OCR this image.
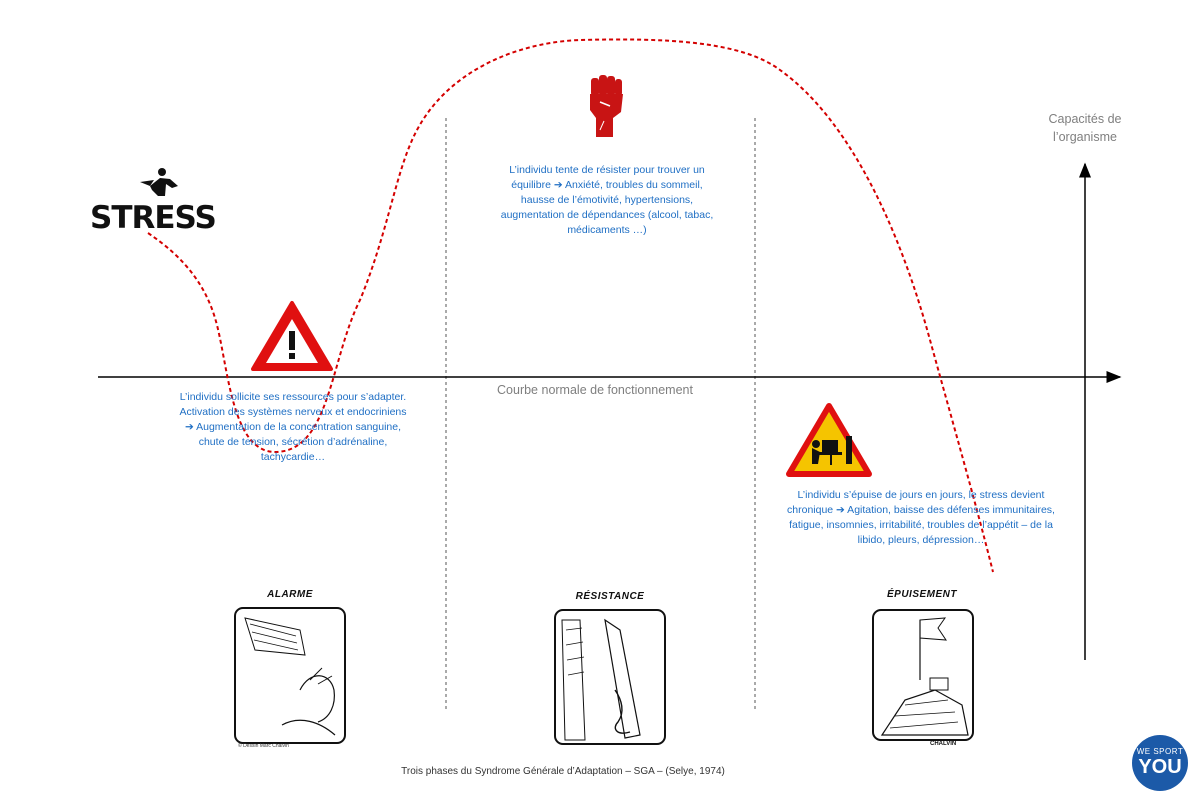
STRESS
Capacités de
l’organisme
Courbe normale de fonctionnement
L’individu sollicite ses ressources pour s’adapter.
Activation des systèmes nerveux et endocriniens
➔ Augmentation de la concentration sanguine,
chute de tension, sécrétion d’adrénaline,
tachycardie…
L’individu tente de résister pour trouver un
équilibre ➔ Anxiété, troubles du sommeil,
hausse de l’émotivité, hypertensions,
augmentation de dépendances (alcool, tabac,
médicaments …)
L’individu s’épuise de jours en jours, le stress devient
chronique ➔ Agitation, baisse des défenses immunitaires,
fatigue, insomnies, irritabilité, troubles de l’appétit – de la
libido, pleurs, dépression…
ALARME	RÉSISTANCE	ÉPUISEMENT
© Dessin Marc Chalvin	CHALVIN
Trois phases du Syndrome Générale d’Adaptation – SGA – (Selye, 1974)
WE SPORT
YOU
